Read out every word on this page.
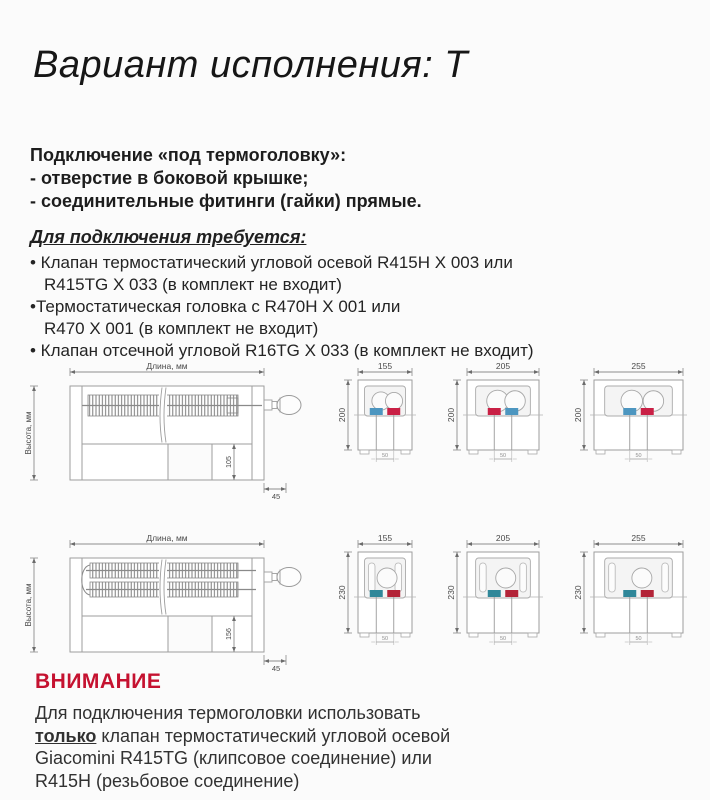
Вариант исполнения: Т
Подключение «под термоголовку»:
- отверстие в боковой крышке;
- соединительные фитинги (гайки) прямые.
Для подключения требуется:
• Клапан термостатический угловой осевой R415H X 003 или
R415TG X 033 (в комплект не входит)
•Термостатическая головка с R470H X 001 или
R470 X 001 (в комплект не входит)
• Клапан отсечной угловой R16TG X 033 (в комплект не входит)
Длина, мм
Высота, мм
105
45
50
155
200
50
205
200
50
255
200
Длина, мм
Высота, мм
156
45
50
155
230
50
205
230
50
255
230
ВНИМАНИЕ
Для подключения термоголовки использовать
только клапан термостатический угловой осевой
Giacomini R415TG (клипсовое соединение) или
R415H (резьбовое соединение)
